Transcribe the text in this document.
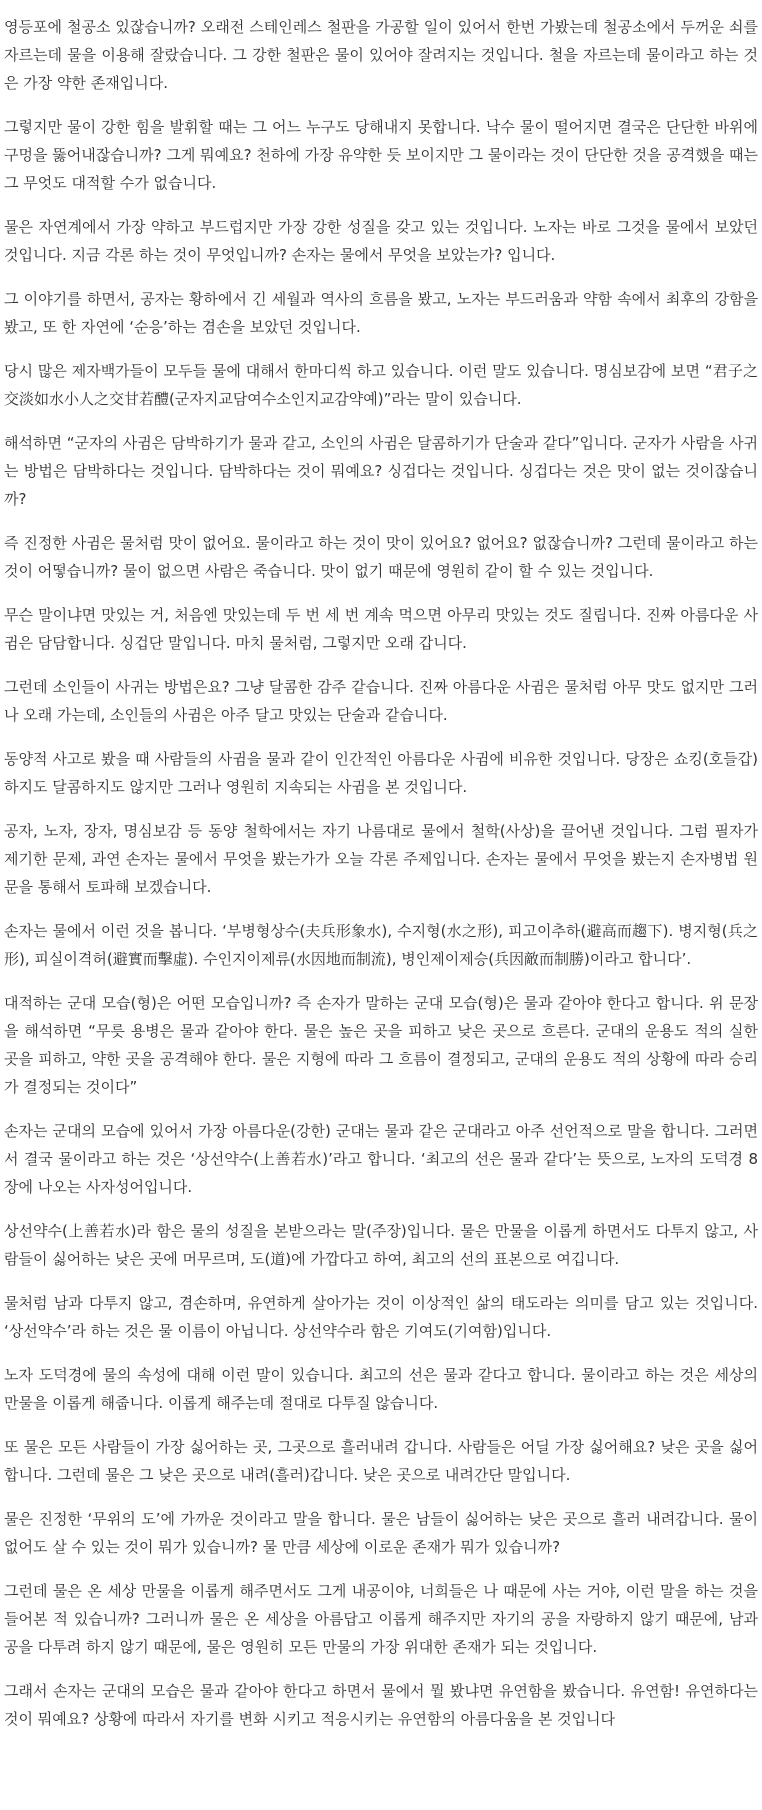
영등포에 철공소 있잖습니까? 오래전 스테인레스 철판을 가공할 일이 있어서 한번 가봤는데 철공소에서 두꺼운 쇠를 자르는데 물을 이용해 잘랐습니다. 그 강한 철판은 물이 있어야 잘려지는 것입니다. 철을 자르는데 물이라고 하는 것은 가장 약한 존재입니다.

그렇지만 물이 강한 힘을 발휘할 때는 그 어느 누구도 당해내지 못합니다. 낙수 물이 떨어지면 결국은 단단한 바위에 구멍을 뚫어내잖습니까? 그게 뭐예요? 천하에 가장 유약한 듯 보이지만 그 물이라는 것이 단단한 것을 공격했을 때는 그 무엇도 대적할 수가 없습니다.

물은 자연계에서 가장 약하고 부드럽지만 가장 강한 성질을 갖고 있는 것입니다. 노자는 바로 그것을 물에서 보았던 것입니다. 지금 각론 하는 것이 무엇입니까? 손자는 물에서 무엇을 보았는가? 입니다.

그 이야기를 하면서, 공자는 황하에서 긴 세월과 역사의 흐름을 봤고, 노자는 부드러움과 약함 속에서 최후의 강함을 봤고, 또 한 자연에 ‘순응’하는 겸손을 보았던 것입니다.

당시 많은 제자백가들이 모두들 물에 대해서 한마디씩 하고 있습니다. 이런 말도 있습니다. 명심보감에 보면 “君子之交淡如水小人之交甘若醴(군자지교담여수소인지교감약예)”라는 말이 있습니다.

해석하면 “군자의 사귐은 담박하기가 물과 같고, 소인의 사귐은 달콤하기가 단술과 같다”입니다. 군자가 사람을 사귀는 방법은 담박하다는 것입니다. 담박하다는 것이 뭐예요? 싱겁다는 것입니다. 싱겁다는 것은 맛이 없는 것이잖습니까?

즉 진정한 사귐은 물처럼 맛이 없어요. 물이라고 하는 것이 맛이 있어요? 없어요? 없잖습니까? 그런데 물이라고 하는 것이 어떻습니까? 물이 없으면 사람은 죽습니다. 맛이 없기 때문에 영원히 같이 할 수 있는 것입니다.

무슨 말이냐면 맛있는 거, 처음엔 맛있는데 두 번 세 번 계속 먹으면 아무리 맛있는 것도 질립니다. 진짜 아름다운 사귐은 담담합니다. 싱겁단 말입니다. 마치 물처럼, 그렇지만 오래 갑니다.

그런데 소인들이 사귀는 방법은요? 그냥 달콤한 감주 같습니다. 진짜 아름다운 사귐은 물처럼 아무 맛도 없지만 그러나 오래 가는데, 소인들의 사귐은 아주 달고 맛있는 단술과 같습니다.

동양적 사고로 봤을 때 사람들의 사귐을 물과 같이 인간적인 아름다운 사귐에 비유한 것입니다. 당장은 쇼킹(호들갑)하지도 달콤하지도 않지만 그러나 영원히 지속되는 사귐을 본 것입니다.

공자, 노자, 장자, 명심보감 등 동양 철학에서는 자기 나름대로 물에서 철학(사상)을 끌어낸 것입니다. 그럼 필자가 제기한 문제, 과연 손자는 물에서 무엇을 봤는가가 오늘 각론 주제입니다. 손자는 물에서 무엇을 봤는지 손자병법 원문을 통해서 토파해 보겠습니다.

손자는 물에서 이런 것을 봅니다. ‘부병형상수(夫兵形象水), 수지형(水之形), 피고이추하(避高而趨下). 병지형(兵之形), 피실이격허(避實而擊虛). 수인지이제류(水因地而制流), 병인제이제승(兵因敵而制勝)이라고 합니다’.

대적하는 군대 모습(형)은 어떤 모습입니까? 즉 손자가 말하는 군대 모습(형)은 물과 같아야 한다고 합니다. 위 문장을 해석하면 “무릇 용병은 물과 같아야 한다. 물은 높은 곳을 피하고 낮은 곳으로 흐른다. 군대의 운용도 적의 실한 곳을 피하고, 약한 곳을 공격해야 한다. 물은 지형에 따라 그 흐름이 결정되고, 군대의 운용도 적의 상황에 따라 승리가 결정되는 것이다”

손자는 군대의 모습에 있어서 가장 아름다운(강한) 군대는 물과 같은 군대라고 아주 선언적으로 말을 합니다. 그러면서 결국 물이라고 하는 것은 ‘상선약수(上善若水)’라고 합니다. ‘최고의 선은 물과 같다’는 뜻으로, 노자의 도덕경 8장에 나오는 사자성어입니다.

상선약수(上善若水)라 함은 물의 성질을 본받으라는 말(주장)입니다. 물은 만물을 이롭게 하면서도 다투지 않고, 사람들이 싫어하는 낮은 곳에 머무르며, 도(道)에 가깝다고 하여, 최고의 선의 표본으로 여깁니다.

물처럼 남과 다투지 않고, 겸손하며, 유연하게 살아가는 것이 이상적인 삶의 태도라는 의미를 담고 있는 것입니다. ‘상선약수’라 하는 것은 물 이름이 아닙니다. 상선약수라 함은 기여도(기여함)입니다.

노자 도덕경에 물의 속성에 대해 이런 말이 있습니다. 최고의 선은 물과 같다고 합니다. 물이라고 하는 것은 세상의 만물을 이롭게 해줍니다. 이롭게 해주는데 절대로 다투질 않습니다.

또 물은 모든 사람들이 가장 싫어하는 곳, 그곳으로 흘러내려 갑니다. 사람들은 어딜 가장 싫어해요? 낮은 곳을 싫어합니다. 그런데 물은 그 낮은 곳으로 내려(흘러)갑니다. 낮은 곳으로 내려간단 말입니다.

물은 진정한 ‘무위의 도’에 가까운 것이라고 말을 합니다. 물은 남들이 싫어하는 낮은 곳으로 흘러 내려갑니다. 물이 없어도 살 수 있는 것이 뭐가 있습니까? 물 만큼 세상에 이로운 존재가 뭐가 있습니까?

그런데 물은 온 세상 만물을 이롭게 해주면서도 그게 내공이야, 너희들은 나 때문에 사는 거야, 이런 말을 하는 것을 들어본 적 있습니까? 그러니까 물은 온 세상을 아름답고 이롭게 해주지만 자기의 공을 자랑하지 않기 때문에, 남과 공을 다투려 하지 않기 때문에, 물은 영원히 모든 만물의 가장 위대한 존재가 되는 것입니다.

그래서 손자는 군대의 모습은 물과 같아야 한다고 하면서 물에서 뭘 봤냐면 유연함을 봤습니다. 유연함! 유연하다는 것이 뭐예요? 상황에 따라서 자기를 변화 시키고 적응시키는 유연함의 아름다움을 본 것입니다
